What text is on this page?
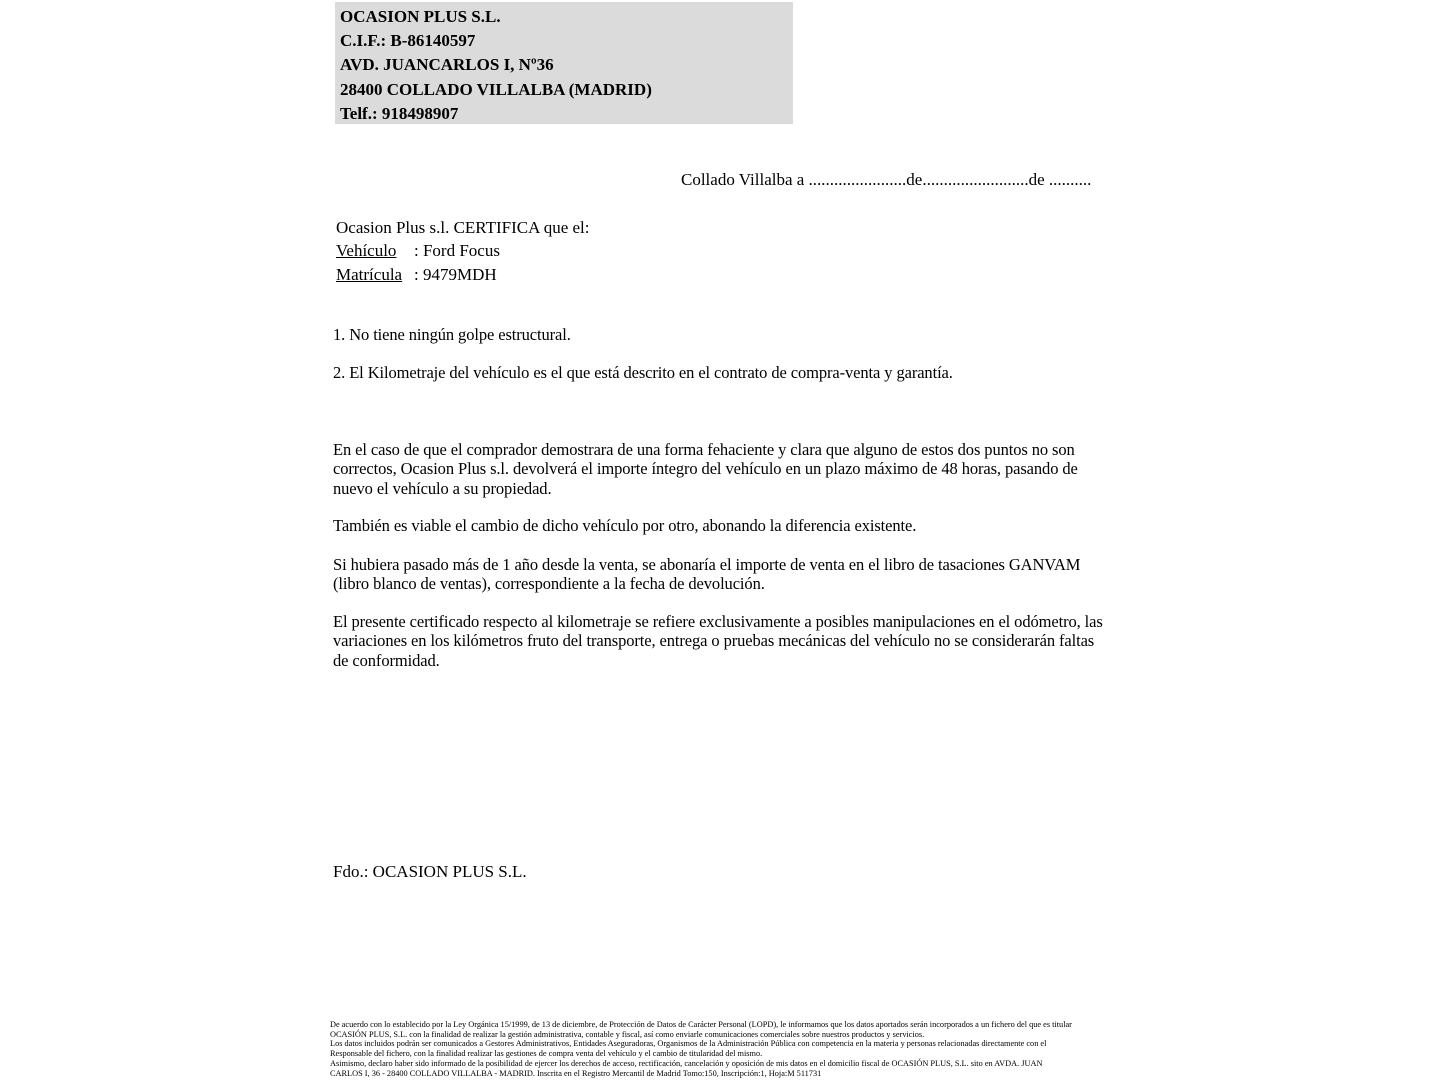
OCASION PLUS S.L.
C.I.F.: B-86140597
AVD. JUANCARLOS I, Nº36
28400 COLLADO VILLALBA (MADRID)
Telf.: 918498907
Collado Villalba a .......................de.........................de ..........
Ocasion Plus s.l. CERTIFICA que el:
Vehículo : Ford Focus
Matrícula : 9479MDH
1. No tiene ningún golpe estructural.
2. El Kilometraje del vehículo es el que está descrito en el contrato de compra-venta y garantía.
En el caso de que el comprador demostrara de una forma fehaciente y clara que alguno de estos dos puntos no son correctos, Ocasion Plus s.l. devolverá el importe íntegro del vehículo en un plazo máximo de 48 horas, pasando de nuevo el vehículo a su propiedad.
También es viable el cambio de dicho vehículo por otro, abonando la diferencia existente.
Si hubiera pasado más de 1 año desde la venta, se abonaría el importe de venta en el libro de tasaciones GANVAM (libro blanco de ventas), correspondiente a la fecha de devolución.
El presente certificado respecto al kilometraje se refiere exclusivamente a posibles manipulaciones en el odómetro, las variaciones en los kilómetros fruto del transporte, entrega o pruebas mecánicas del vehículo no se considerarán faltas de conformidad.
Fdo.: OCASION PLUS S.L.
De acuerdo con lo establecido por la Ley Orgánica 15/1999, de 13 de diciembre, de Protección de Datos de Carácter Personal (LOPD), le informamos que los datos aportados serán incorporados a un fichero del que es titular
OCASIÓN PLUS, S.L. con la finalidad de realizar la gestión administrativa, contable y fiscal, así como enviarle comunicaciones comerciales sobre nuestros productos y servicios.
Los datos incluidos podrán ser comunicados a Gestores Administrativos, Entidades Aseguradoras, Organismos de la Administración Pública con competencia en la materia y personas relacionadas directamente con el
Responsable del fichero, con la finalidad realizar las gestiones de compra venta del vehículo y el cambio de titularidad del mismo.
Asimismo, declaro haber sido informado de la posibilidad de ejercer los derechos de acceso, rectificación, cancelación y oposición de mis datos en el domicilio fiscal de OCASIÓN PLUS, S.L. sito en AVDA. JUAN
CARLOS I, 36 - 28400 COLLADO VILLALBA - MADRID. Inscrita en el Registro Mercantil de Madrid Tomo:150, Inscripción:1, Hoja:M 511731
